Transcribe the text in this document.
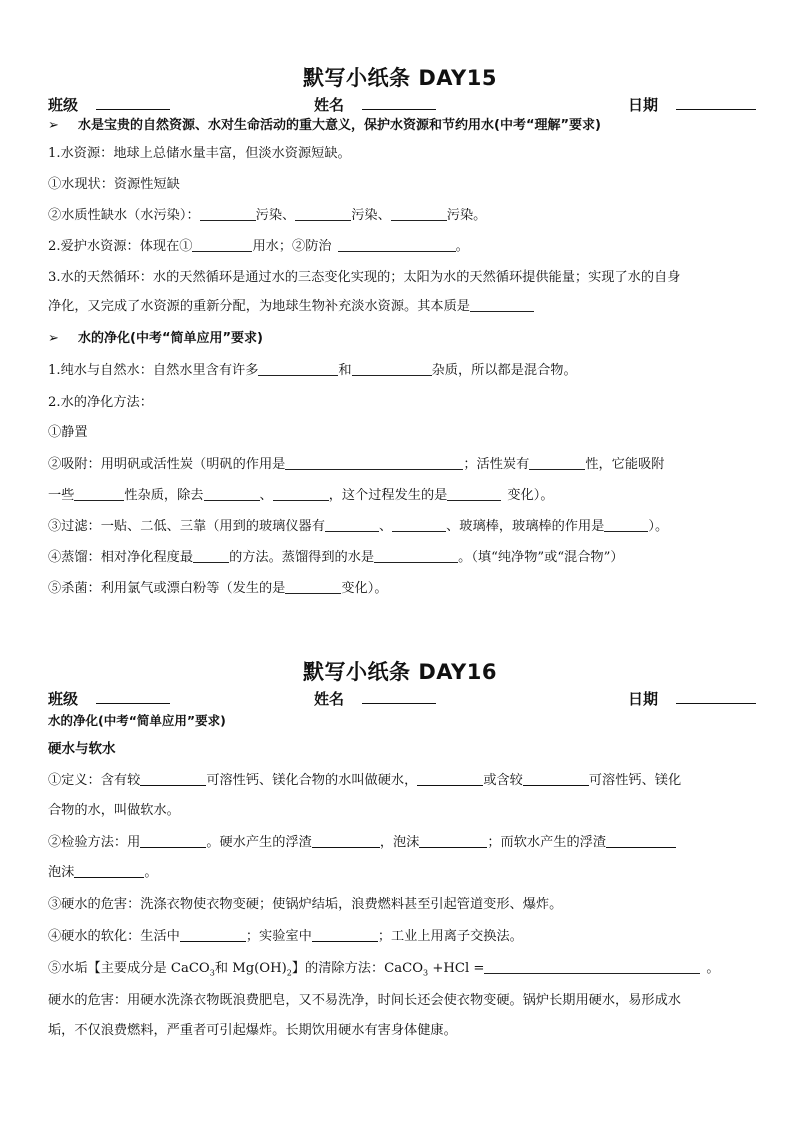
默写小纸条 DAY15
班级	姓名	日期
➢ 水是宝贵的自然资源、水对生命活动的重大意义，保护水资源和节约用水(中考“理解”要求)
1.水资源：地球上总储水量丰富，但淡水资源短缺。
①水现状：资源性短缺
②水质性缺水（水污染）：	污染、	污染、	污染。
2.爱护水资源：体现在①	用水；②防治	。
3.水的天然循环：水的天然循环是通过水的三态变化实现的；太阳为水的天然循环提供能量；实现了水的自身
净化，又完成了水资源的重新分配，为地球生物补充淡水资源。其本质是
➢ 水的净化(中考“简单应用”要求)
1.纯水与自然水：自然水里含有许多	和	杂质，所以都是混合物。
2.水的净化方法：
①静置
②吸附：用明矾或活性炭（明矾的作用是	；活性炭有	性，它能吸附
一些	性杂质，除去	、	，这个过程发生的是	变化）。
③过滤：一贴、二低、三靠（用到的玻璃仪器有	、	、玻璃棒，玻璃棒的作用是	）。
④蒸馏：相对净化程度最	的方法。蒸馏得到的水是	。（填“纯净物”或“混合物”）
⑤杀菌：利用氯气或漂白粉等（发生的是	变化）。
默写小纸条 DAY16
班级	姓名	日期
水的净化(中考“简单应用”要求)
硬水与软水
①定义：含有较	可溶性钙、镁化合物的水叫做硬水，	或含较	可溶性钙、镁化
合物的水，叫做软水。
②检验方法：用	。硬水产生的浮渣	，泡沫	；而软水产生的浮渣
泡沫	。
③硬水的危害：洗涤衣物使衣物变硬；使锅炉结垢，浪费燃料甚至引起管道变形、爆炸。
④硬水的软化：生活中	；实验室中	；工业上用离子交换法。
⑤水垢【主要成分是 CaCO$_3$和 $Mg(OH)_2$】的清除方法：CaCO$_3$ +HCl =	。
硬水的危害：用硬水洗涤衣物既浪费肥皂，又不易洗净，时间长还会使衣物变硬。锅炉长期用硬水，易形成水
垢，不仅浪费燃料，严重者可引起爆炸。长期饮用硬水有害身体健康。
